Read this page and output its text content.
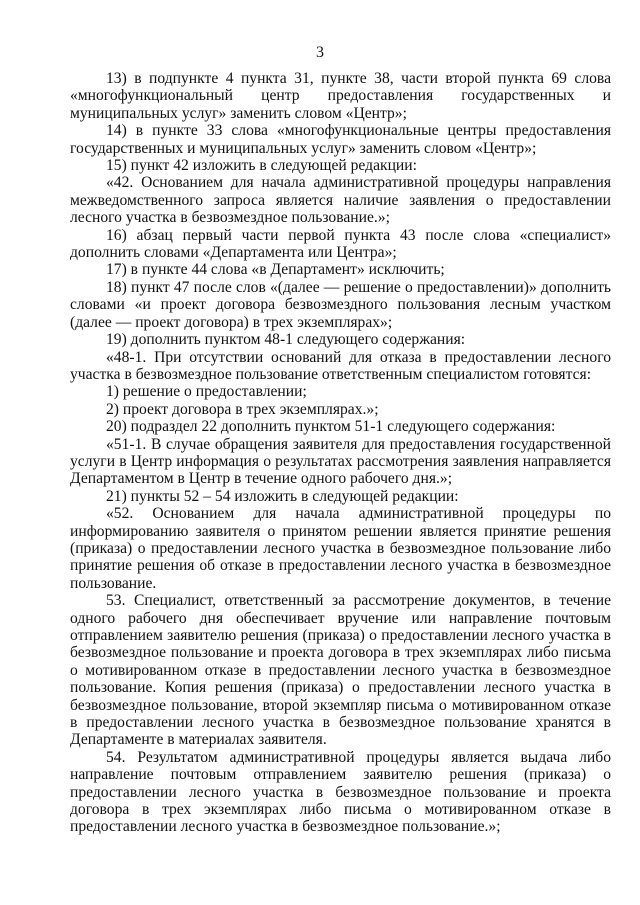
3

13) в подпункте 4 пункта 31, пункте 38, части второй пункта 69 слова «многофункциональный центр предоставления государственных и муниципальных услуг» заменить словом «Центр»;

14) в пункте 33 слова «многофункциональные центры предоставления государственных и муниципальных услуг» заменить словом «Центр»;

15) пункт 42 изложить в следующей редакции:

«42. Основанием для начала административной процедуры направления межведомственного запроса является наличие заявления о предоставлении лесного участка в безвозмездное пользование.»;

16) абзац первый части первой пункта 43 после слова «специалист» дополнить словами «Департамента или Центра»;

17) в пункте 44 слова «в Департамент» исключить;

18) пункт 47 после слов «(далее — решение о предоставлении)» дополнить словами «и проект договора безвозмездного пользования лесным участком (далее — проект договора) в трех экземплярах»;

19) дополнить пунктом 48-1 следующего содержания:

«48-1. При отсутствии оснований для отказа в предоставлении лесного участка в безвозмездное пользование ответственным специалистом готовятся:

1) решение о предоставлении;

2) проект договора в трех экземплярах.»;

20) подраздел 22 дополнить пунктом 51-1 следующего содержания:

«51-1. В случае обращения заявителя для предоставления государственной услуги в Центр информация о результатах рассмотрения заявления направляется Департаментом в Центр в течение одного рабочего дня.»;

21) пункты 52 – 54 изложить в следующей редакции:

«52. Основанием для начала административной процедуры по информированию заявителя о принятом решении является принятие решения (приказа) о предоставлении лесного участка в безвозмездное пользование либо принятие решения об отказе в предоставлении лесного участка в безвозмездное пользование.

53. Специалист, ответственный за рассмотрение документов, в течение одного рабочего дня обеспечивает вручение или направление почтовым отправлением заявителю решения (приказа) о предоставлении лесного участка в безвозмездное пользование и проекта договора в трех экземплярах либо письма о мотивированном отказе в предоставлении лесного участка в безвозмездное пользование. Копия решения (приказа) о предоставлении лесного участка в безвозмездное пользование, второй экземпляр письма о мотивированном отказе в предоставлении лесного участка в безвозмездное пользование хранятся в Департаменте в материалах заявителя.

54. Результатом административной процедуры является выдача либо направление почтовым отправлением заявителю решения (приказа) о предоставлении лесного участка в безвозмездное пользование и проекта договора в трех экземплярах либо письма о мотивированном отказе в предоставлении лесного участка в безвозмездное пользование.»;
